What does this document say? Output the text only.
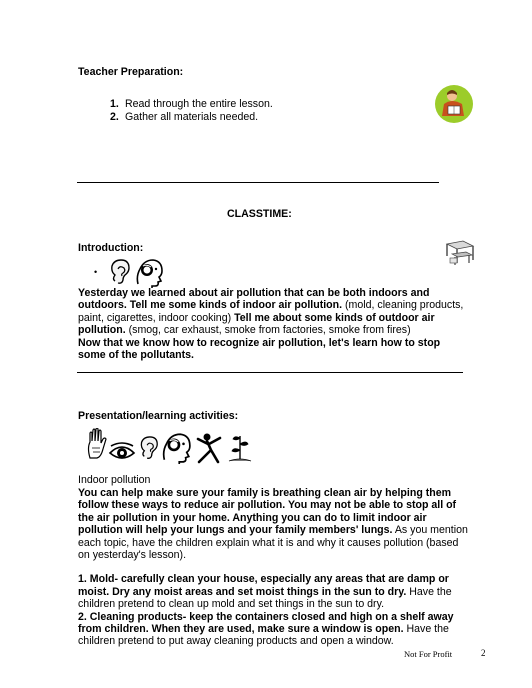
Teacher Preparation:
1. Read through the entire lesson.
2. Gather all materials needed.
CLASSTIME:
Introduction:
•

Yesterday we learned about air pollution that can be both indoors and outdoors. Tell me some kinds of indoor air pollution. (mold, cleaning products, paint, cigarettes, indoor cooking) Tell me about some kinds of outdoor air pollution. (smog, car exhaust, smoke from factories, smoke from fires)

Now that we know how to recognize air pollution, let's learn how to stop some of the pollutants.

Presentation/learning activities:
Indoor pollution

You can help make sure your family is breathing clean air by helping them follow these ways to reduce air pollution. You may not be able to stop all of the air pollution in your home. Anything you can do to limit indoor air pollution will help your lungs and your family members' lungs. As you mention each topic, have the children explain what it is and why it causes pollution (based on yesterday's lesson).

1. Mold- carefully clean your house, especially any areas that are damp or moist. Dry any moist areas and set moist things in the sun to dry. Have the children pretend to clean up mold and set things in the sun to dry.

2. Cleaning products- keep the containers closed and high on a shelf away from children. When they are used, make sure a window is open. Have the children pretend to put away cleaning products and open a window.

Not For Profit	2
